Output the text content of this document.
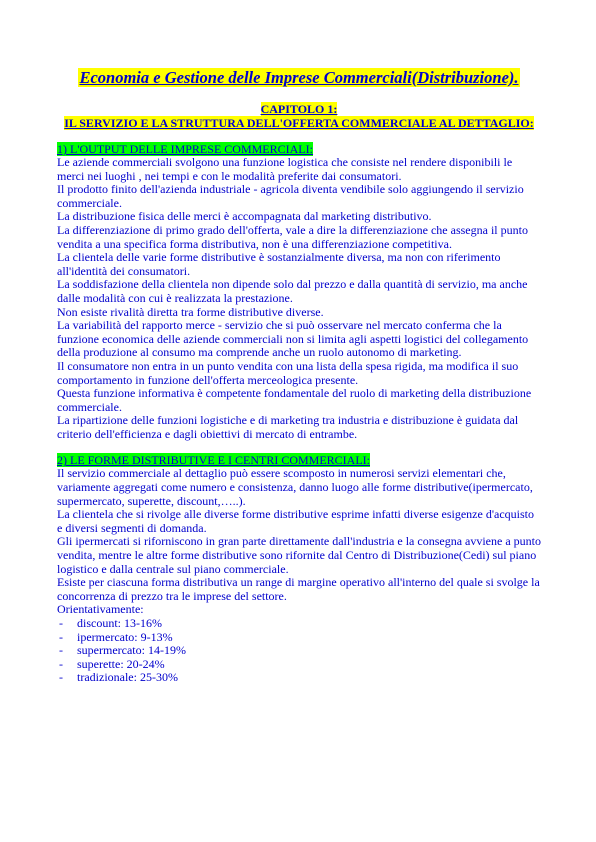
Economia e Gestione delle Imprese Commerciali(Distribuzione).
CAPITOLO 1:
IL SERVIZIO E LA STRUTTURA DELL'OFFERTA COMMERCIALE AL DETTAGLIO:
1) L'OUTPUT DELLE IMPRESE COMMERCIALI:

Le aziende commerciali svolgono una funzione logistica che consiste nel rendere disponibili le merci nei luoghi , nei tempi e con le modalità preferite dai consumatori.

Il prodotto finito dell'azienda industriale - agricola diventa vendibile solo aggiungendo il servizio commerciale.

La distribuzione fisica delle merci è accompagnata dal marketing distributivo.

La differenziazione di primo grado dell'offerta, vale a dire la differenziazione che assegna il punto vendita a una specifica forma distributiva, non è una differenziazione competitiva.

La clientela delle varie forme distributive è sostanzialmente diversa, ma non con riferimento all'identità dei consumatori.

La soddisfazione della clientela non dipende solo dal prezzo e dalla quantità di servizio, ma anche dalle modalità con cui è realizzata la prestazione.

Non esiste rivalità diretta tra forme distributive diverse.

La variabilità del rapporto merce - servizio che si può osservare nel mercato conferma che la funzione economica delle aziende commerciali non si limita agli aspetti logistici del collegamento della produzione al consumo ma comprende anche un ruolo autonomo di marketing.

Il consumatore non entra in un punto vendita con una lista della spesa rigida, ma modifica il suo comportamento in funzione dell'offerta merceologica presente.

Questa funzione informativa è competente fondamentale del ruolo di marketing della distribuzione commerciale.

La ripartizione delle funzioni logistiche e di marketing tra industria e distribuzione è guidata dal criterio dell'efficienza e dagli obiettivi di mercato di entrambe.

2) LE FORME DISTRIBUTIVE E I CENTRI COMMERCIALI:

Il servizio commerciale al dettaglio può essere scomposto in numerosi servizi elementari che, variamente aggregati come numero e consistenza, danno luogo alle forme distributive(ipermercato, supermercato, superette, discount,…..).

La clientela che si rivolge alle diverse forme distributive esprime infatti diverse esigenze d'acquisto e diversi segmenti di domanda.

Gli ipermercati si riforniscono in gran parte direttamente dall'industria e la consegna avviene a punto vendita, mentre le altre forme distributive sono rifornite dal Centro di Distribuzione(Cedi) sul piano logistico e dalla centrale sul piano commerciale.

Esiste per ciascuna forma distributiva un range di margine operativo all'interno del quale si svolge la concorrenza di prezzo tra le imprese del settore.

Orientativamente:

- discount: 13-16%
- ipermercato: 9-13%
- supermercato: 14-19%
- superette: 20-24%
- tradizionale: 25-30%
